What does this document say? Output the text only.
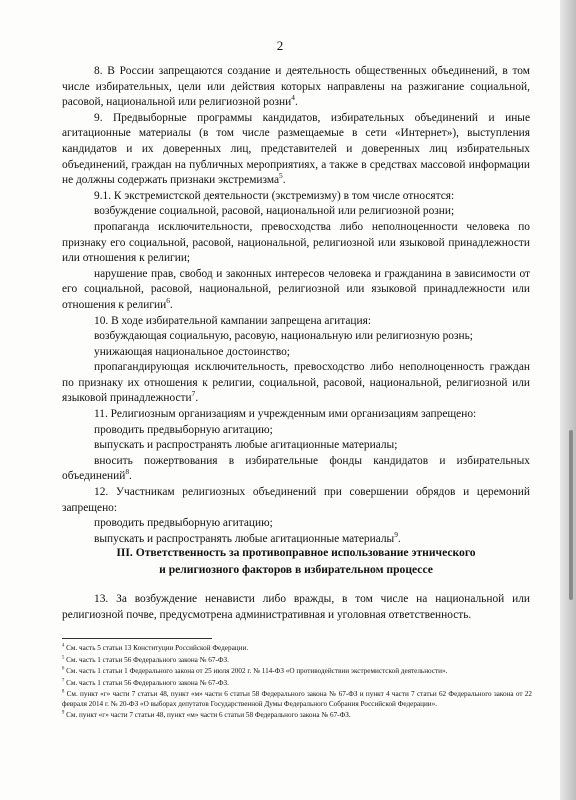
2

8. В России запрещаются создание и деятельность общественных объединений, в том числе избирательных, цели или действия которых направлены на разжигание социальной, расовой, национальной или религиозной розни$^4$.

9. Предвыборные программы кандидатов, избирательных объединений и иные агитационные материалы (в том числе размещаемые в сети «Интернет»), выступления кандидатов и их доверенных лиц, представителей и доверенных лиц избирательных объединений, граждан на публичных мероприятиях, а также в средствах массовой информации не должны содержать признаки экстремизма$^5$.

9.1. К экстремистской деятельности (экстремизму) в том числе относятся:

возбуждение социальной, расовой, национальной или религиозной розни;

пропаганда исключительности, превосходства либо неполноценности человека по признаку его социальной, расовой, национальной, религиозной или языковой принадлежности или отношения к религии;

нарушение прав, свобод и законных интересов человека и гражданина в зависимости от его социальной, расовой, национальной, религиозной или языковой принадлежности или отношения к религии$^6$.

10. В ходе избирательной кампании запрещена агитация:

возбуждающая социальную, расовую, национальную или религиозную рознь;

унижающая национальное достоинство;

пропагандирующая исключительность, превосходство либо неполноценность граждан по признаку их отношения к религии, социальной, расовой, национальной, религиозной или языковой принадлежности$^7$.

11. Религиозным организациям и учрежденным ими организациям запрещено:

проводить предвыборную агитацию;

выпускать и распространять любые агитационные материалы;

вносить пожертвования в избирательные фонды кандидатов и избирательных объединений$^8$.

12. Участникам религиозных объединений при совершении обрядов и церемоний запрещено:

проводить предвыборную агитацию;

выпускать и распространять любые агитационные материалы$^9$.

III. Ответственность за противоправное использование этнического
и религиозного факторов в избирательном процессе
13. За возбуждение ненависти либо вражды, в том числе на национальной или религиозной почве, предусмотрена административная и уголовная ответственность.
$^4$ См. часть 5 статьи 13 Конституции Российской Федерации.
$^5$ См. часть 1 статьи 56 Федерального закона № 67-ФЗ.
$^6$ См. часть 1 статьи 1 Федерального закона от 25 июля 2002 г. № 114-ФЗ «О противодействии экстремистской деятельности».
$^7$ См. часть 1 статьи 56 Федерального закона № 67-ФЗ.
$^8$ См. пункт «г» части 7 статьи 48, пункт «м» части 6 статьи 58 Федерального закона № 67-ФЗ и пункт 4 части 7 статьи 62 Федерального закона от 22 февраля 2014 г. № 20-ФЗ «О выборах депутатов Государственной Думы Федерального Собрания Российской Федерации».
$^9$ См. пункт «г» части 7 статьи 48, пункт «м» части 6 статьи 58 Федерального закона № 67-ФЗ.
